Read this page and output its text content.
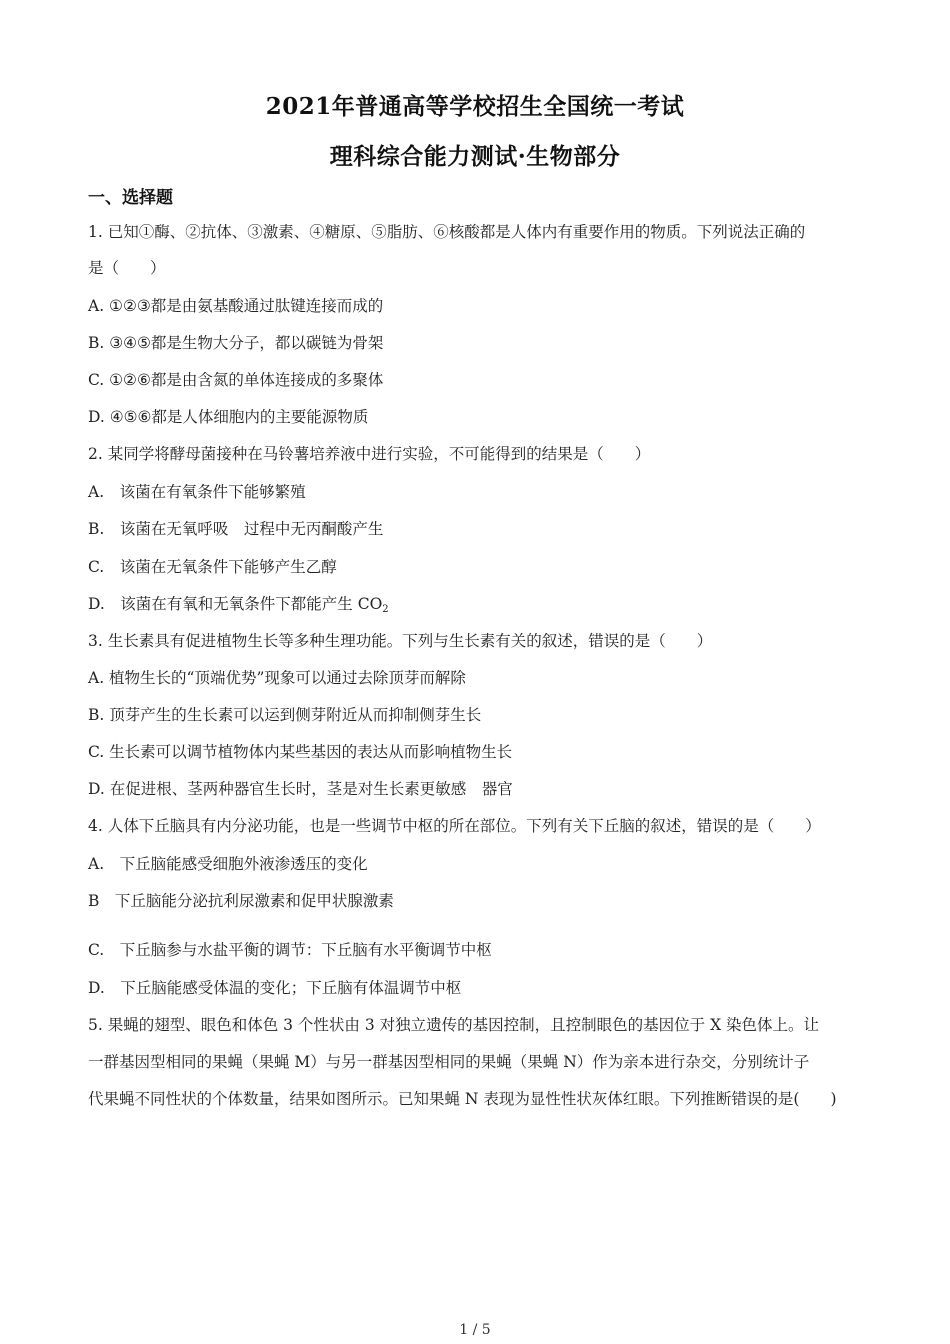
2021年普通高等学校招生全国统一考试
理科综合能力测试·生物部分
一、选择题
1. 已知①酶、②抗体、③激素、④糖原、⑤脂肪、⑥核酸都是人体内有重要作用的物质。下列说法正确的
是（　　）
A. ①②③都是由氨基酸通过肽键连接而成的
B. ③④⑤都是生物大分子，都以碳链为骨架
C. ①②⑥都是由含氮的单体连接成的多聚体
D. ④⑤⑥都是人体细胞内的主要能源物质
2. 某同学将酵母菌接种在马铃薯培养液中进行实验，不可能得到的结果是（　　）
A.　该菌在有氧条件下能够繁殖
B.　该菌在无氧呼吸　过程中无丙酮酸产生
C.　该菌在无氧条件下能够产生乙醇
D.　该菌在有氧和无氧条件下都能产生 $CO_2$
3. 生长素具有促进植物生长等多种生理功能。下列与生长素有关的叙述，错误的是（　　）
A. 植物生长的“顶端优势”现象可以通过去除顶芽而解除
B. 顶芽产生的生长素可以运到侧芽附近从而抑制侧芽生长
C. 生长素可以调节植物体内某些基因的表达从而影响植物生长
D. 在促进根、茎两种器官生长时，茎是对生长素更敏感　器官
4. 人体下丘脑具有内分泌功能，也是一些调节中枢的所在部位。下列有关下丘脑的叙述，错误的是（　　）
A.　下丘脑能感受细胞外液渗透压的变化
B　下丘脑能分泌抗利尿激素和促甲状腺激素
C.　下丘脑参与水盐平衡的调节：下丘脑有水平衡调节中枢
D.　下丘脑能感受体温的变化；下丘脑有体温调节中枢
5. 果蝇的翅型、眼色和体色 3 个性状由 3 对独立遗传的基因控制，且控制眼色的基因位于 X 染色体上。让
一群基因型相同的果蝇（果蝇 M）与另一群基因型相同的果蝇（果蝇 N）作为亲本进行杂交，分别统计子
代果蝇不同性状的个体数量，结果如图所示。已知果蝇 N 表现为显性性状灰体红眼。下列推断错误的是(　　)
1 / 5
